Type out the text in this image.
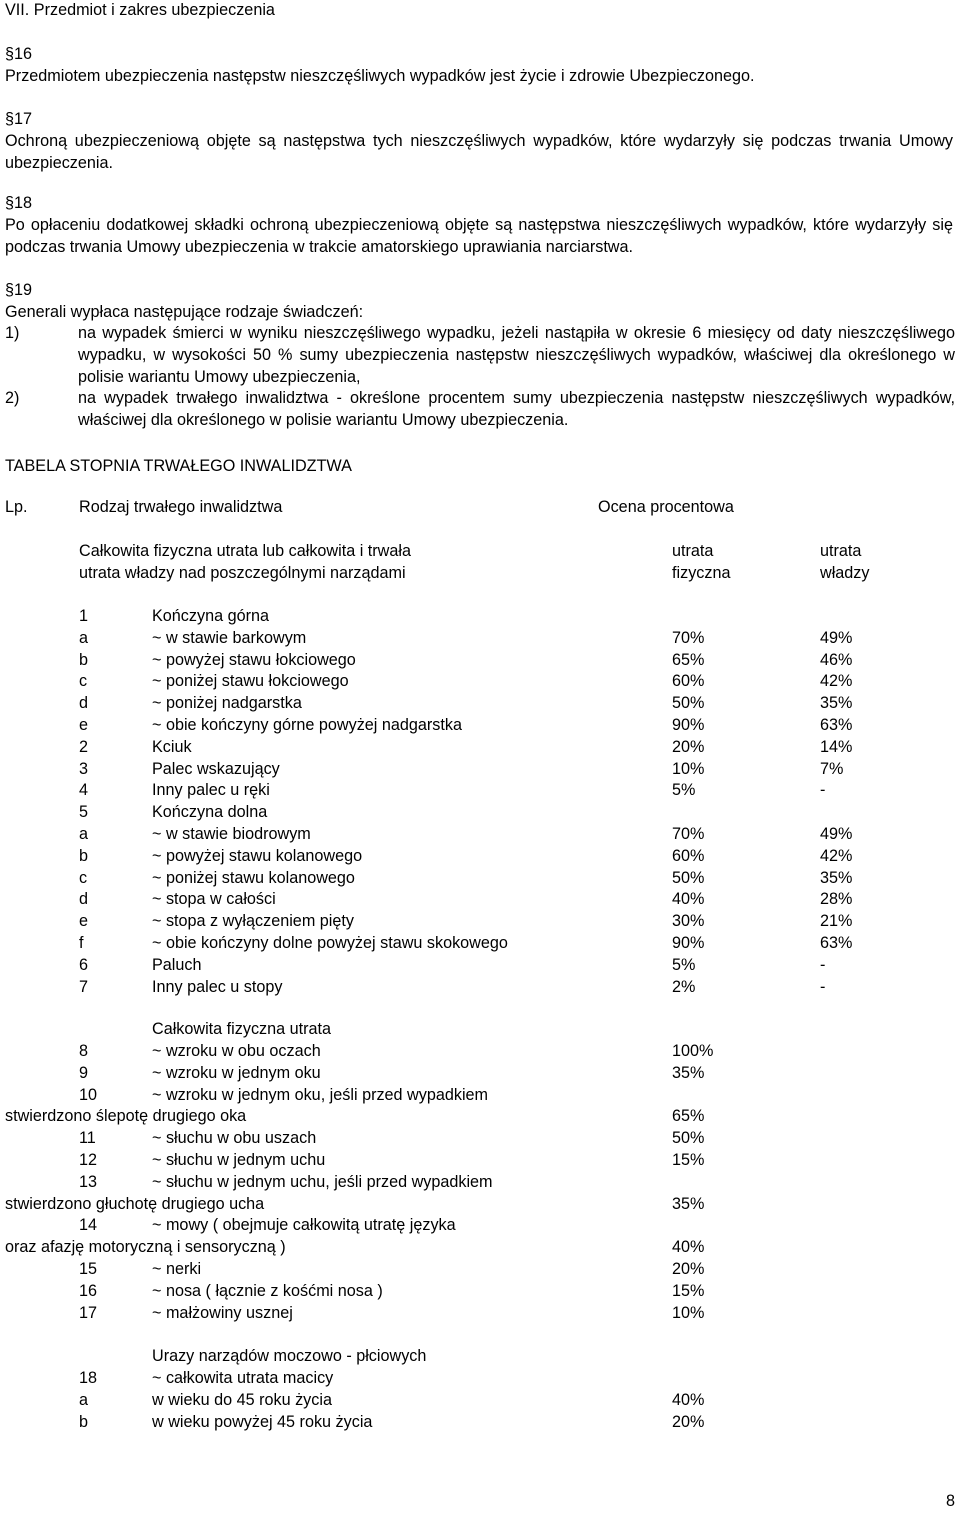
VII. Przedmiot i zakres ubezpieczenia
§16
Przedmiotem ubezpieczenia następstw nieszczęśliwych wypadków jest życie i zdrowie Ubezpieczonego.
§17
Ochroną ubezpieczeniową objęte są następstwa tych nieszczęśliwych wypadków, które wydarzyły się podczas trwania Umowy ubezpieczenia.
§18
Po opłaceniu dodatkowej składki ochroną ubezpieczeniową objęte są następstwa nieszczęśliwych wypadków, które wydarzyły się podczas trwania Umowy ubezpieczenia w trakcie amatorskiego uprawiania narciarstwa.
§19
Generali wypłaca następujące rodzaje świadczeń:
1)	na wypadek śmierci w wyniku nieszczęśliwego wypadku, jeżeli nastąpiła w okresie 6 miesięcy od daty nieszczęśliwego wypadku, w wysokości 50 % sumy ubezpieczenia następstw nieszczęśliwych wypadków, właściwej dla określonego w polisie wariantu Umowy ubezpieczenia,
2)	na wypadek trwałego inwalidztwa - określone procentem sumy ubezpieczenia następstw nieszczęśliwych wypadków, właściwej dla określonego w polisie wariantu Umowy ubezpieczenia.
TABELA STOPNIA TRWAŁEGO INWALIDZTWA
Lp.	Rodzaj trwałego inwalidztwa	Ocena procentowa
Całkowita fizyczna utrata lub całkowita i trwała	utrata	utrata
utrata władzy nad poszczególnymi narządami	fizyczna	władzy
1	Kończyna górna
a	~ w stawie barkowym	70%	49%
b	~ powyżej stawu łokciowego	65%	46%
c	~ poniżej stawu łokciowego	60%	42%
d	~ poniżej nadgarstka	50%	35%
e	~ obie kończyny górne powyżej nadgarstka	90%	63%
2	Kciuk	20%	14%
3	Palec wskazujący	10%	7%
4	Inny palec u ręki	5%	-
5	Kończyna dolna
a	~ w stawie biodrowym	70%	49%
b	~ powyżej stawu kolanowego	60%	42%
c	~ poniżej stawu kolanowego	50%	35%
d	~ stopa w całości	40%	28%
e	~ stopa z wyłączeniem pięty	30%	21%
f	~ obie kończyny dolne powyżej stawu skokowego	90%	63%
6	Paluch	5%	-
7	Inny palec u stopy	2%	-
Całkowita fizyczna utrata
8	~ wzroku w obu oczach	100%
9	~ wzroku w jednym oku	35%
10	~ wzroku w jednym oku, jeśli przed wypadkiem
stwierdzono ślepotę drugiego oka	65%
11	~ słuchu w obu uszach	50%
12	~ słuchu w jednym uchu	15%
13	~ słuchu w jednym uchu, jeśli przed wypadkiem
stwierdzono głuchotę drugiego ucha	35%
14	~ mowy ( obejmuje całkowitą utratę języka
oraz afazję motoryczną i sensoryczną )	40%
15	~ nerki	20%
16	~ nosa ( łącznie z kośćmi nosa )	15%
17	~ małżowiny usznej	10%
Urazy narządów moczowo - płciowych
18	~ całkowita utrata macicy
a	w wieku do 45 roku życia	40%
b	w wieku powyżej 45 roku życia	20%
8
